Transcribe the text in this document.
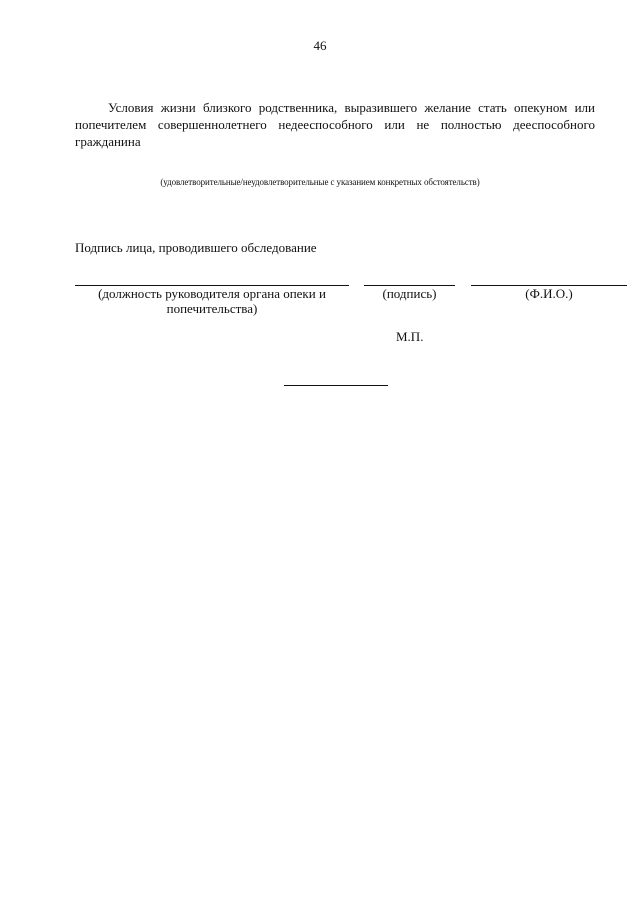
46
Условия жизни близкого родственника, выразившего желание стать опекуном или попечителем совершеннолетнего недееспособного или не полностью дееспособного гражданина
(удовлетворительные/неудовлетворительные с указанием конкретных обстоятельств)
Подпись лица, проводившего обследование
(должность руководителя органа опеки и попечительства)
(подпись)	(Ф.И.О.)
М.П.
